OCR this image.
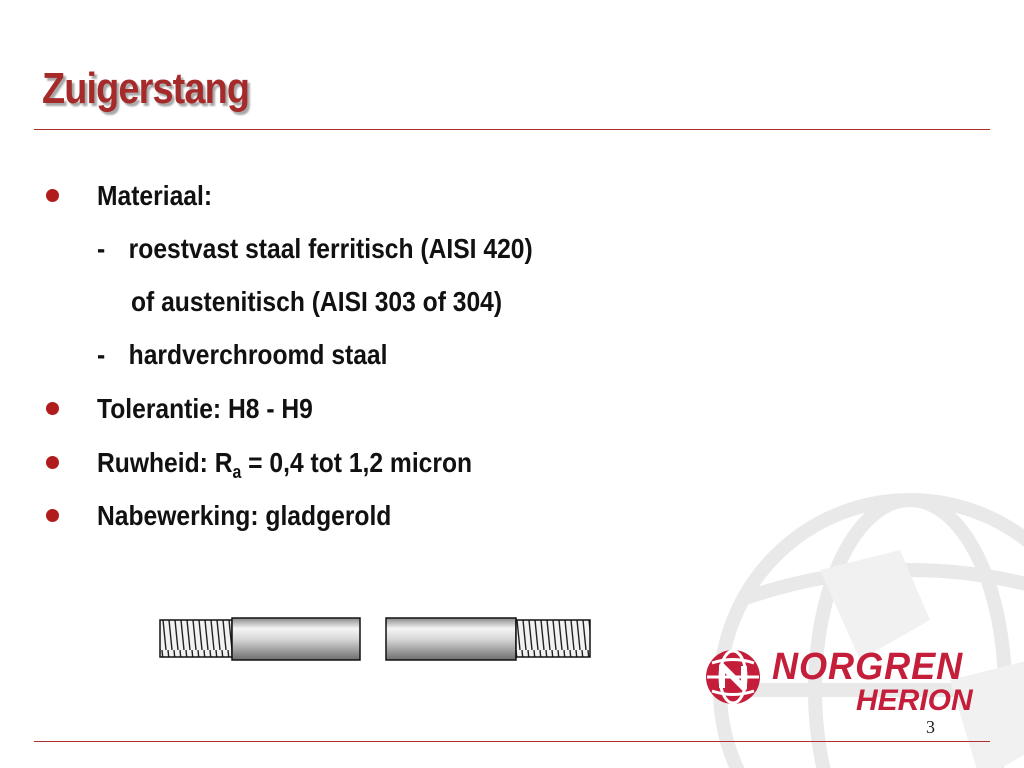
Zuigerstang
Materiaal:
- roestvast staal ferritisch (AISI 420)
of austenitisch (AISI 303 of 304)
- hardverchroomd staal
Tolerantie: H8 - H9
Ruwheid: $R_a = 0,4$ tot 1,2 micron
Nabewerking: gladgerold
NORGREN
HERION
3
